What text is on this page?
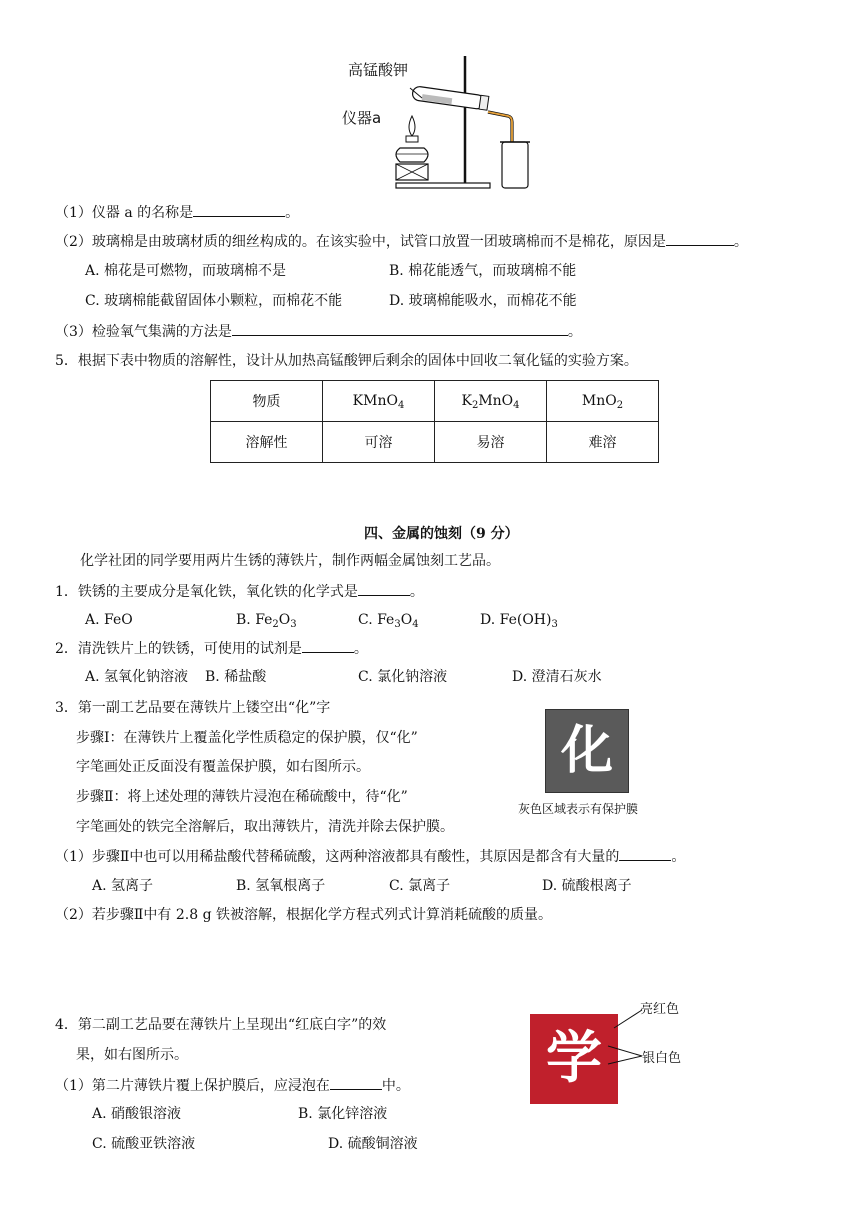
高锰酸钾
仪器a
（1）仪器 a 的名称是	。
（2）玻璃棉是由玻璃材质的细丝构成的。在该实验中，试管口放置一团玻璃棉而不是棉花，原因是	。
A. 棉花是可燃物，而玻璃棉不是	B. 棉花能透气，而玻璃棉不能
C. 玻璃棉能截留固体小颗粒，而棉花不能	D. 玻璃棉能吸水，而棉花不能
（3）检验氧气集满的方法是	。
5．根据下表中物质的溶解性，设计从加热高锰酸钾后剩余的固体中回收二氧化锰的实验方案。
物质	KMnO$_4$	$K_2MnO_4$	MnO$_2$
溶解性	可溶	易溶	难溶
四、金属的蚀刻（9 分）
化学社团的同学要用两片生锈的薄铁片，制作两幅金属蚀刻工艺品。
1．铁锈的主要成分是氧化铁，氧化铁的化学式是	。
A. FeO	B. $Fe_2O_3$	C. $Fe_3O_4$	D. $Fe(OH)_3$
2．清洗铁片上的铁锈，可使用的试剂是	。
A. 氢氧化钠溶液 B. 稀盐酸	C. 氯化钠溶液	D. 澄清石灰水
3．第一副工艺品要在薄铁片上镂空出“化”字
步骤Ⅰ：在薄铁片上覆盖化学性质稳定的保护膜，仅“化”
字笔画处正反面没有覆盖保护膜，如右图所示。
步骤Ⅱ：将上述处理的薄铁片浸泡在稀硫酸中，待“化”
字笔画处的铁完全溶解后，取出薄铁片，清洗并除去保护膜。
化
灰色区域表示有保护膜
（1）步骤Ⅱ中也可以用稀盐酸代替稀硫酸，这两种溶液都具有酸性，其原因是都含有大量的	。
A. 氢离子	B. 氢氧根离子	C. 氯离子	D. 硫酸根离子
（2）若步骤Ⅱ中有 2.8 g 铁被溶解，根据化学方程式列式计算消耗硫酸的质量。
4．第二副工艺品要在薄铁片上呈现出“红底白字”的效
果，如右图所示。	学
亮红色
银白色
（1）第二片薄铁片覆上保护膜后，应浸泡在	中。
A. 硝酸银溶液	B. 氯化锌溶液
C. 硫酸亚铁溶液	D. 硫酸铜溶液
